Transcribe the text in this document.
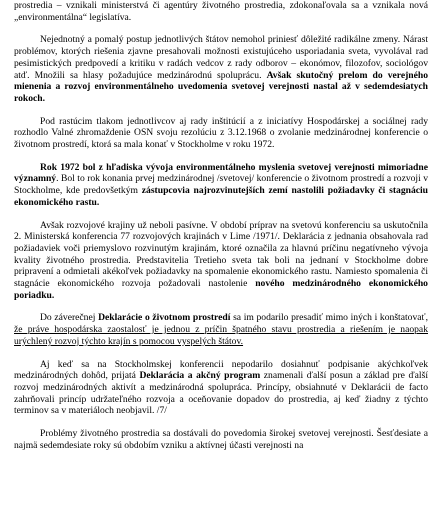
prostredia – vznikali ministerstvá či agentúry životného prostredia, zdokonaľovala sa a vznikala nová „environmentálna“ legislatíva.

Nejednotný a pomalý postup jednotlivých štátov nemohol priniesť dôležité radikálne zmeny. Nárast problémov, ktorých riešenia zjavne presahovali možnosti existujúceho usporiadania sveta, vyvolával rad pesimistických predpovedí a kritiku v radách vedcov z rady odborov – ekonómov, filozofov, sociológov atď. Množili sa hlasy požadujúce medzinárodnú spoluprácu. Avšak skutočný prelom do verejného mienenia a rozvoj environmentálneho uvedomenia svetovej verejnosti nastal až v sedemdesiatych rokoch.

Pod rastúcim tlakom jednotlivcov aj rady inštitúcií a z iniciatívy Hospodárskej a sociálnej rady rozhodlo Valné zhromaždenie OSN svoju rezolúciu z 3.12.1968 o zvolanie medzinárodnej konferencie o životnom prostredí, ktorá sa mala konať v Stockholme v roku 1972.

Rok 1972 bol z hľadiska vývoja environmentálneho myslenia svetovej verejnosti mimoriadne významný. Bol to rok konania prvej medzinárodnej /svetovej/ konferencie o životnom prostredí a rozvoji v Stockholme, kde predovšetkým zástupcovia najrozvinutejších zemí nastolili požiadavky či stagnáciu ekonomického rastu.

Avšak rozvojové krajiny už neboli pasívne. V období príprav na svetovú konferenciu sa uskutočnila 2. Ministerská konferencia 77 rozvojových krajinách v Lime /1971/. Deklarácia z jednania obsahovala rad požiadaviek voči priemyslovo rozvinutým krajinám, ktoré označila za hlavnú príčinu negatívneho vývoja kvality životného prostredia. Predstavitelia Tretieho sveta tak boli na jednaní v Stockholme dobre pripravení a odmietali akékoľvek požiadavky na spomalenie ekonomického rastu. Namiesto spomalenia či stagnácie ekonomického rozvoja požadovali nastolenie nového medzinárodného ekonomického poriadku.

Do záverečnej Deklarácie o životnom prostredí sa im podarilo presadiť mimo iných i konštatovať, že práve hospodárska zaostalosť je jednou z príčin špatného stavu prostredia a riešením je naopak urýchlený rozvoj týchto krajín s pomocou vyspelých štátov.

Aj keď sa na Stockholmskej konferencii nepodarilo dosiahnuť podpisanie akýchkoľvek medzinárodných dohôd, prijatá Deklarácia a akčný program znamenali ďalší posun a základ pre ďalší rozvoj medzinárodných aktivít a medzinárodná spolupráca. Princípy, obsiahnuté v Deklarácii de facto zahrňovali princíp udržateľného rozvoja a oceňovanie dopadov do prostredia, aj keď žiadny z týchto terminov sa v materiáloch neobjavil. /7/

Problémy životného prostredia sa dostávali do povedomia širokej svetovej verejnosti. Šesťdesiate a najmä sedemdesiate roky sú obdobím vzniku a aktívnej účasti verejnosti na
